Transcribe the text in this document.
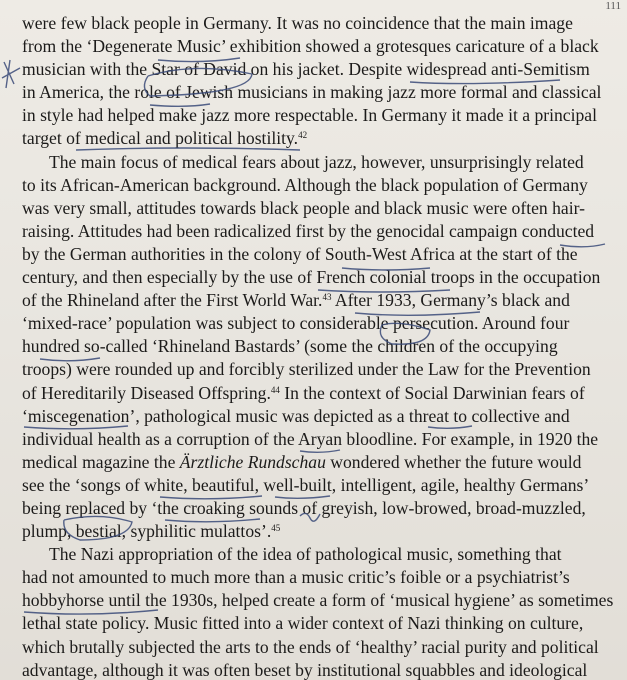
111

were few black people in Germany. It was no coincidence that the main image
from the ‘Degenerate Music’ exhibition showed a grotesques caricature of a black
musician with the Star of David on his jacket. Despite widespread anti-Semitism
in America, the role of Jewish musicians in making jazz more formal and classical
in style had helped make jazz more respectable. In Germany it made it a principal
target of medical and political hostility.$^{42}$

The main focus of medical fears about jazz, however, unsurprisingly related
to its African-American background. Although the black population of Germany
was very small, attitudes towards black people and black music were often hair-
raising. Attitudes had been radicalized first by the genocidal campaign conducted
by the German authorities in the colony of South-West Africa at the start of the
century, and then especially by the use of French colonial troops in the occupation
of the Rhineland after the First World War.$^{43}$ After 1933, Germany’s black and
‘mixed-race’ population was subject to considerable persecution. Around four
hundred so-called ‘Rhineland Bastards’ (some the children of the occupying
troops) were rounded up and forcibly sterilized under the Law for the Prevention
of Hereditarily Diseased Offspring.$^{44}$ In the context of Social Darwinian fears of
‘miscegenation’, pathological music was depicted as a threat to collective and
individual health as a corruption of the Aryan bloodline. For example, in 1920 the
medical magazine the Ärztliche Rundschau wondered whether the future would
see the ‘songs of white, beautiful, well-built, intelligent, agile, healthy Germans’
being replaced by ‘the croaking sounds of greyish, low-browed, broad-muzzled,
plump, bestial, syphilitic mulattos’.$^{45}$

The Nazi appropriation of the idea of pathological music, something that
had not amounted to much more than a music critic’s foible or a psychiatrist’s
hobbyhorse until the 1930s, helped create a form of ‘musical hygiene’ as sometimes
lethal state policy. Music fitted into a wider context of Nazi thinking on culture,
which brutally subjected the arts to the ends of ‘healthy’ racial purity and political
advantage, although it was often beset by institutional squabbles and ideological
